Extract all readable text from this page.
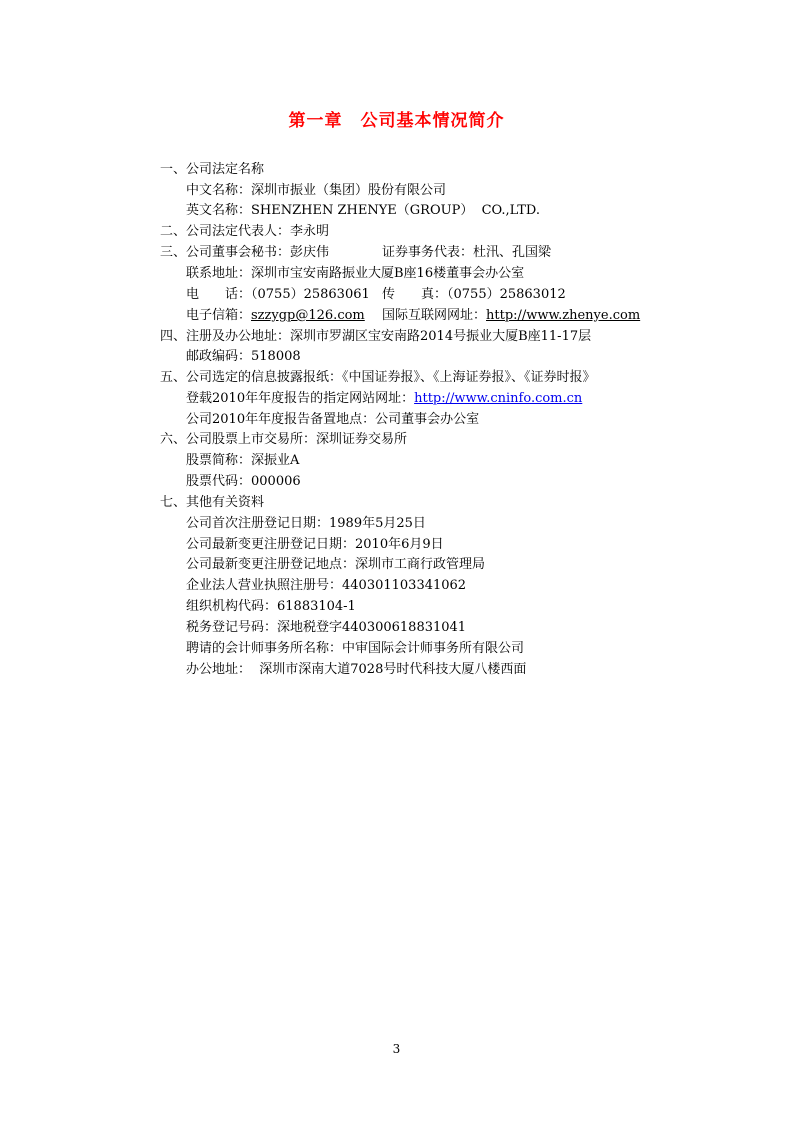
第一章　公司基本情况简介
一、公司法定名称
中文名称：深圳市振业（集团）股份有限公司
英文名称：SHENZHEN ZHENYE（GROUP）  CO.,LTD.
二、公司法定代表人：李永明
三、公司董事会秘书：彭庆伟	证券事务代表：杜汛、孔国梁
联系地址：深圳市宝安南路振业大厦B座16楼董事会办公室
电　　话：（0755）25863061 传　　真：（0755）25863012
电子信箱：szzygp@126.com 国际互联网网址：http://www.zhenye.com
四、注册及办公地址：深圳市罗湖区宝安南路2014号振业大厦B座11-17层
邮政编码：518008
五、公司选定的信息披露报纸：《中国证券报》、《上海证券报》、《证券时报》
登载2010年年度报告的指定网站网址：http://www.cninfo.com.cn
公司2010年年度报告备置地点：公司董事会办公室
六、公司股票上市交易所：深圳证券交易所
股票简称：深振业A
股票代码：000006
七、其他有关资料
公司首次注册登记日期：1989年5月25日
公司最新变更注册登记日期：2010年6月9日
公司最新变更注册登记地点：深圳市工商行政管理局
企业法人营业执照注册号：440301103341062
组织机构代码：61883104-1
税务登记号码：深地税登字440300618831041
聘请的会计师事务所名称：中审国际会计师事务所有限公司
办公地址：  深圳市深南大道7028号时代科技大厦八楼西面
3
